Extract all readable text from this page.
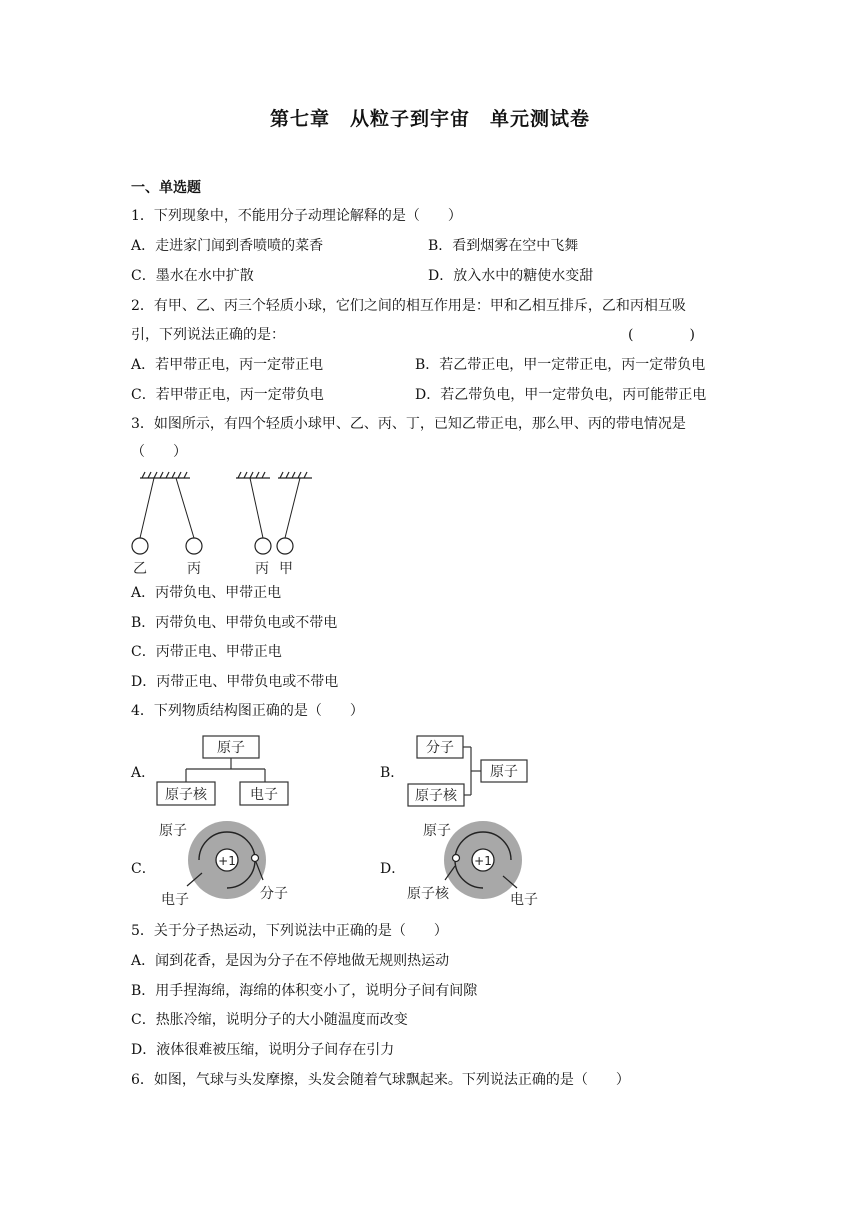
第七章　从粒子到宇宙　单元测试卷
一、单选题
1．下列现象中，不能用分子动理论解释的是（　　）
A．走进家门闻到香喷喷的菜香	B．看到烟雾在空中飞舞
C．墨水在水中扩散	D．放入水中的糖使水变甜
2．有甲、乙、丙三个轻质小球，它们之间的相互作用是：甲和乙相互排斥，乙和丙相互吸
引，下列说法正确的是：	(　　　　)
A．若甲带正电，丙一定带正电	B．若乙带正电，甲一定带正电，丙一定带负电
C．若甲带正电，丙一定带负电	D．若乙带负电，甲一定带负电，丙可能带正电
3．如图所示，有四个轻质小球甲、乙、丙、丁，已知乙带正电，那么甲、丙的带电情况是
（　　）
乙	丙	丙 甲
A．丙带负电、甲带正电
B．丙带负电、甲带负电或不带电
C．丙带正电、甲带正电
D．丙带正电、甲带负电或不带电
4．下列物质结构图正确的是（　　）
A．
原子
原子核	电子
B．
分子
原子核
原子
C．
原子
+1
电子	分子
D．
原子
+1
原子核	电子
5．关于分子热运动，下列说法中正确的是（　　）
A．闻到花香，是因为分子在不停地做无规则热运动
B．用手捏海绵，海绵的体积变小了，说明分子间有间隙
C．热胀冷缩，说明分子的大小随温度而改变
D．液体很难被压缩，说明分子间存在引力
6．如图，气球与头发摩擦，头发会随着气球飘起来。下列说法正确的是（　　）
